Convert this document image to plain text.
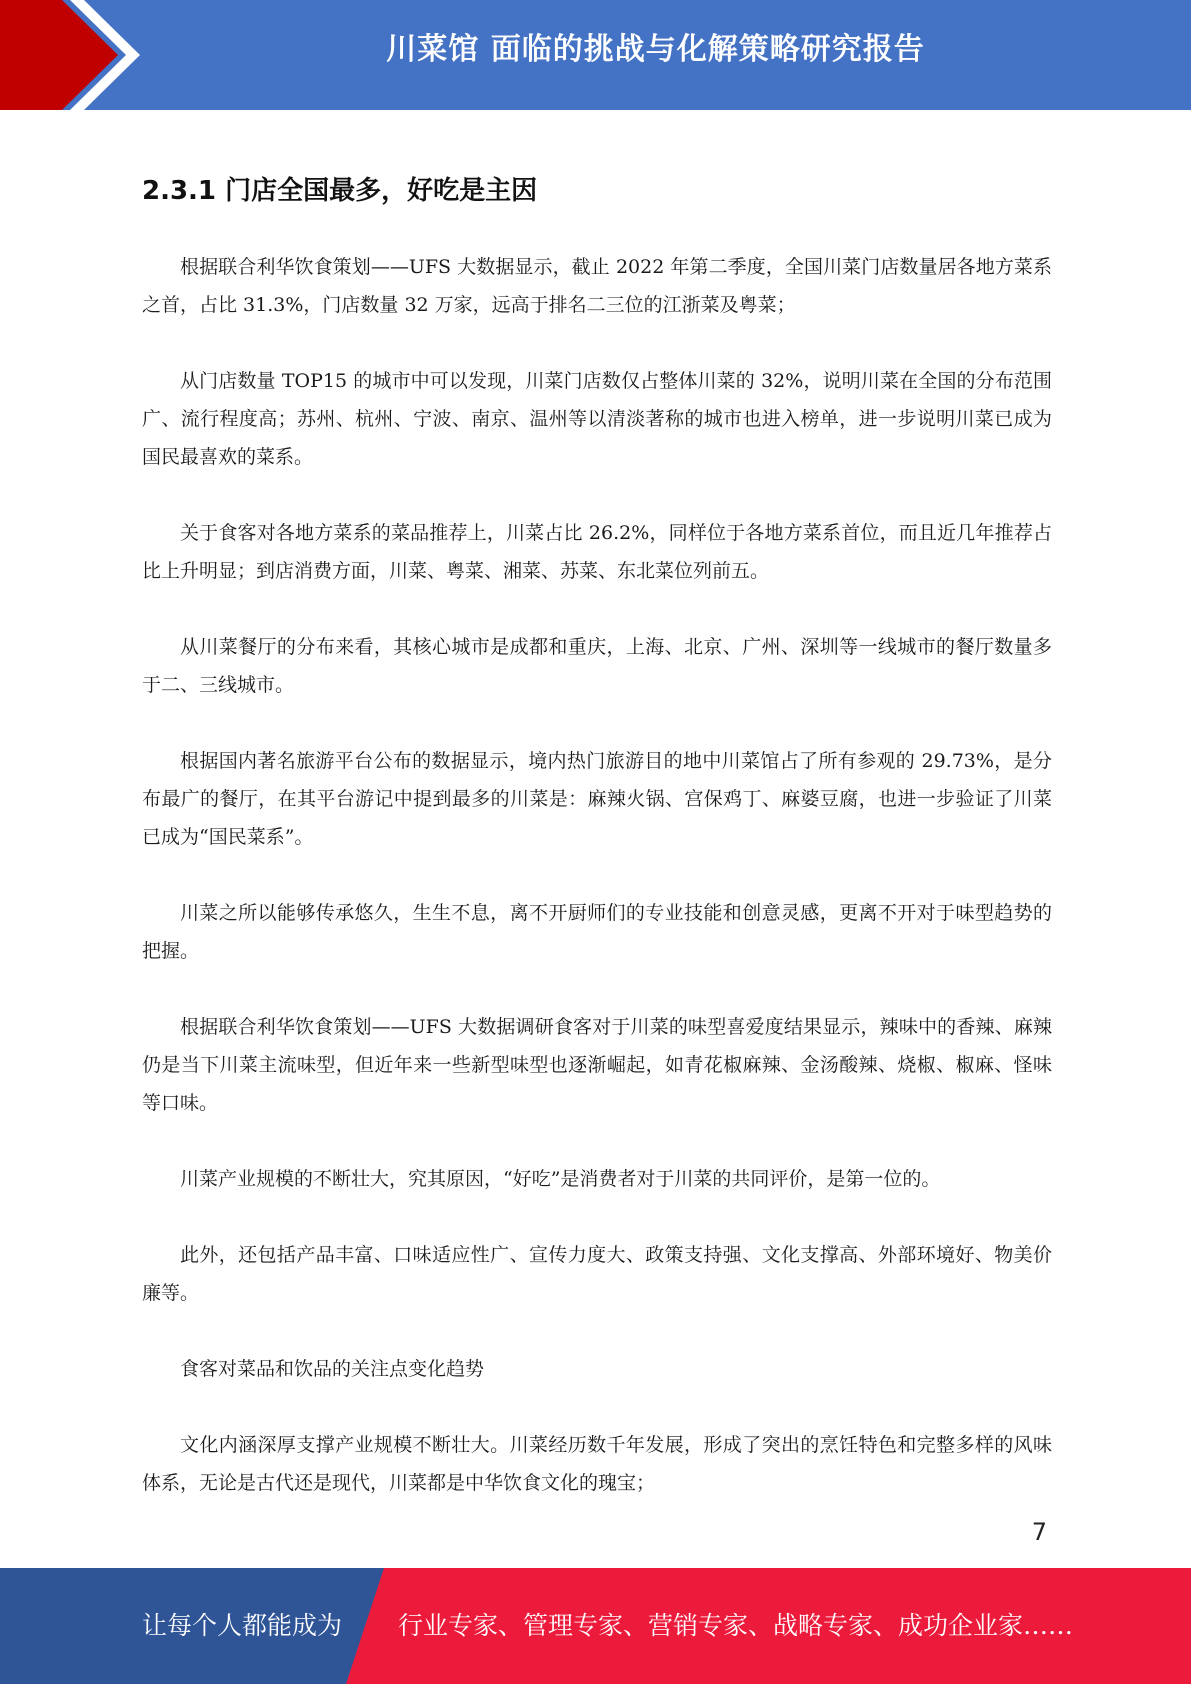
川菜馆 面临的挑战与化解策略研究报告
2.3.1 门店全国最多，好吃是主因

根据联合利华饮食策划——UFS 大数据显示，截止 2022 年第二季度，全国川菜门店数量居各地方菜系之首，占比 31.3%，门店数量 32 万家，远高于排名二三位的江浙菜及粤菜；

从门店数量 TOP15 的城市中可以发现，川菜门店数仅占整体川菜的 32%，说明川菜在全国的分布范围广、流行程度高；苏州、杭州、宁波、南京、温州等以清淡著称的城市也进入榜单，进一步说明川菜已成为国民最喜欢的菜系。

关于食客对各地方菜系的菜品推荐上，川菜占比 26.2%，同样位于各地方菜系首位，而且近几年推荐占比上升明显；到店消费方面，川菜、粤菜、湘菜、苏菜、东北菜位列前五。

从川菜餐厅的分布来看，其核心城市是成都和重庆，上海、北京、广州、深圳等一线城市的餐厅数量多于二、三线城市。

根据国内著名旅游平台公布的数据显示，境内热门旅游目的地中川菜馆占了所有参观的 29.73%，是分布最广的餐厅，在其平台游记中提到最多的川菜是：麻辣火锅、宫保鸡丁、麻婆豆腐，也进一步验证了川菜已成为“国民菜系”。

川菜之所以能够传承悠久，生生不息，离不开厨师们的专业技能和创意灵感，更离不开对于味型趋势的把握。

根据联合利华饮食策划——UFS 大数据调研食客对于川菜的味型喜爱度结果显示，辣味中的香辣、麻辣仍是当下川菜主流味型，但近年来一些新型味型也逐渐崛起，如青花椒麻辣、金汤酸辣、烧椒、椒麻、怪味等口味。

川菜产业规模的不断壮大，究其原因，“好吃”是消费者对于川菜的共同评价，是第一位的。

此外，还包括产品丰富、口味适应性广、宣传力度大、政策支持强、文化支撑高、外部环境好、物美价廉等。

食客对菜品和饮品的关注点变化趋势

文化内涵深厚支撑产业规模不断壮大。川菜经历数千年发展，形成了突出的烹饪特色和完整多样的风味体系，无论是古代还是现代，川菜都是中华饮食文化的瑰宝；

7
让每个人都能成为 行业专家、管理专家、营销专家、战略专家、成功企业家……
